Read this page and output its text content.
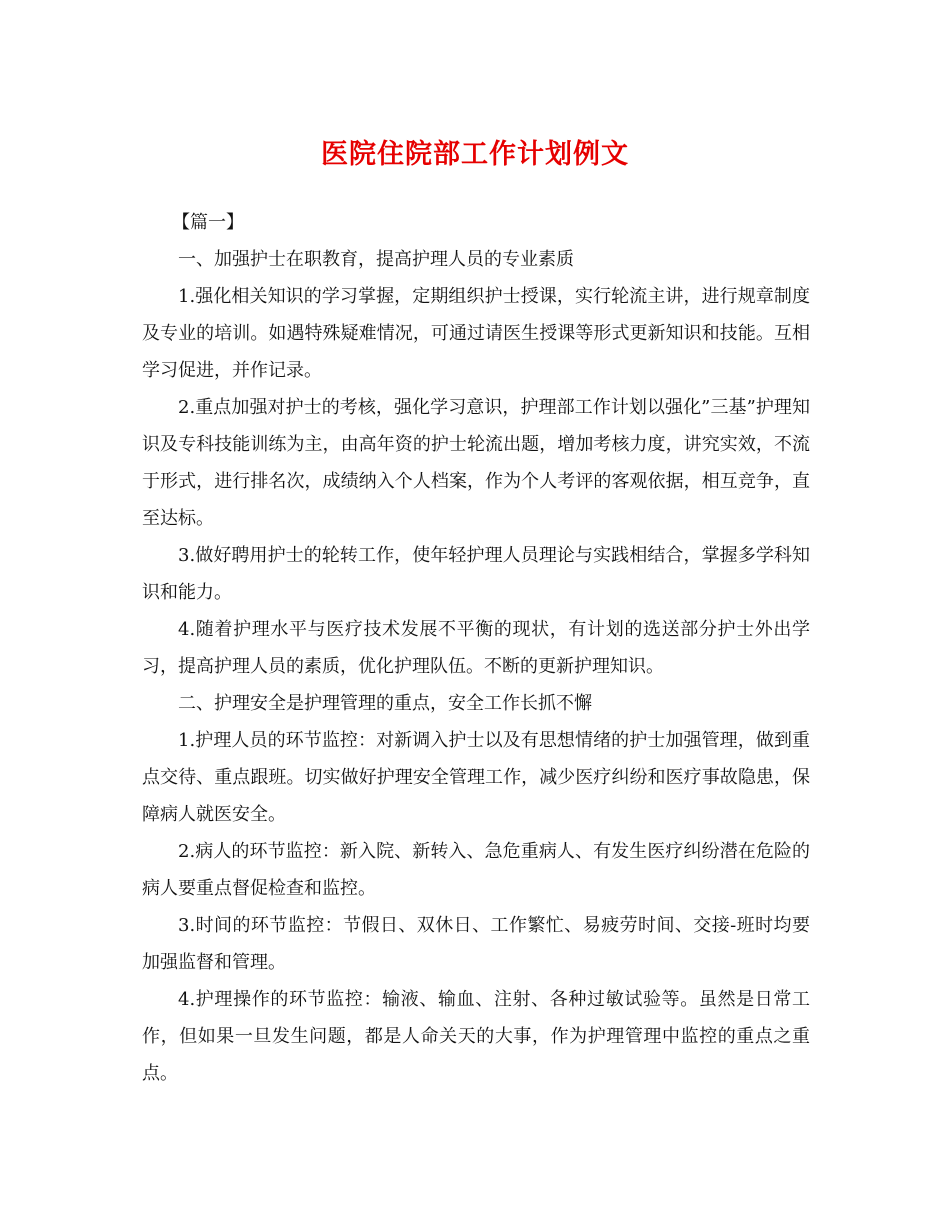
医院住院部工作计划例文

【篇一】

一、加强护士在职教育，提高护理人员的专业素质

1.强化相关知识的学习掌握，定期组织护士授课，实行轮流主讲，进行规章制度及专业的培训。如遇特殊疑难情况，可通过请医生授课等形式更新知识和技能。互相学习促进，并作记录。

2.重点加强对护士的考核，强化学习意识，护理部工作计划以强化”三基”护理知识及专科技能训练为主，由高年资的护士轮流出题，增加考核力度，讲究实效，不流于形式，进行排名次，成绩纳入个人档案，作为个人考评的客观依据，相互竞争，直至达标。

3.做好聘用护士的轮转工作，使年轻护理人员理论与实践相结合，掌握多学科知识和能力。

4.随着护理水平与医疗技术发展不平衡的现状，有计划的选送部分护士外出学习，提高护理人员的素质，优化护理队伍。不断的更新护理知识。

二、护理安全是护理管理的重点，安全工作长抓不懈

1.护理人员的环节监控：对新调入护士以及有思想情绪的护士加强管理，做到重点交待、重点跟班。切实做好护理安全管理工作，减少医疗纠纷和医疗事故隐患，保障病人就医安全。

2.病人的环节监控：新入院、新转入、急危重病人、有发生医疗纠纷潜在危险的病人要重点督促检查和监控。

3.时间的环节监控：节假日、双休日、工作繁忙、易疲劳时间、交接-班时均要加强监督和管理。

4.护理操作的环节监控：输液、输血、注射、各种过敏试验等。虽然是日常工作，但如果一旦发生问题，都是人命关天的大事，作为护理管理中监控的重点之重点。
